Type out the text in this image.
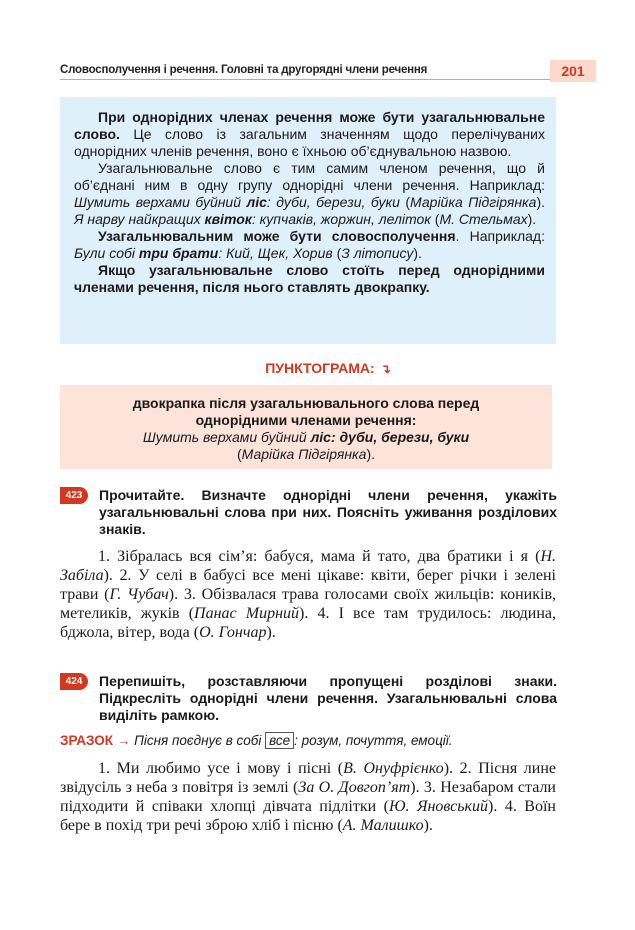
Словосполучення і речення. Головні та другорядні члени речення	201

При однорідних членах речення може бути узагальнювальне слово. Це слово із загальним значенням щодо перелічуваних однорідних членів речення, воно є їхньою об’єднувальною назвою.

Узагальнювальне слово є тим самим членом речення, що й об’єднані ним в одну групу однорідні члени речення. Наприклад: Шумить верхами буйний ліс: дуби, берези, буки (Марійка Підгірянка). Я нарву найкращих квіток: купчаків, жоржин, леліток (М. Стельмах).

Узагальнювальним може бути словосполучення. Наприклад: Були собі три брати: Кий, Щек, Хорив (З літопису).

Якщо узагальнювальне слово стоїть перед однорідними членами речення, після нього ставлять двокрапку.

ПУНКТОГРАМА: ↴

двокрапка після узагальнювального слова перед

однорідними членами речення:

Шумить верхами буйний ліс: дуби, берези, буки

(Марійка Підгірянка).

423	Прочитайте. Визначте однорідні члени речення, укажіть узагальнювальні слова при них. Поясніть уживання розділових знаків.

1. Зібралась вся сім’я: бабуся, мама й тато, два братики і я (Н. Забіла). 2. У селі в бабусі все мені цікаве: квіти, берег річки і зелені трави (Г. Чубач). 3. Обізвалася трава голосами своїх жильців: коників, метеликів, жуків (Панас Мирний). 4. І все там трудилось: людина, бджола, вітер, вода (О. Гончар).

424	Перепишіть, розставляючи пропущені розділові знаки. Підкресліть однорідні члени речення. Узагальнювальні слова виділіть рамкою.
ЗРАЗОК → Пісня поєднує в собі все : розум, почуття, емоції.

1. Ми любимо усе і мову і пісні (В. Онуфрієнко). 2. Пісня лине звідусіль з неба з повітря із землі (За О. Довгоп’ят). 3. Незабаром стали підходити й співаки хлопці дівчата підлітки (Ю. Яновський). 4. Воїн бере в похід три речі зброю хліб і пісню (А. Малишко).
